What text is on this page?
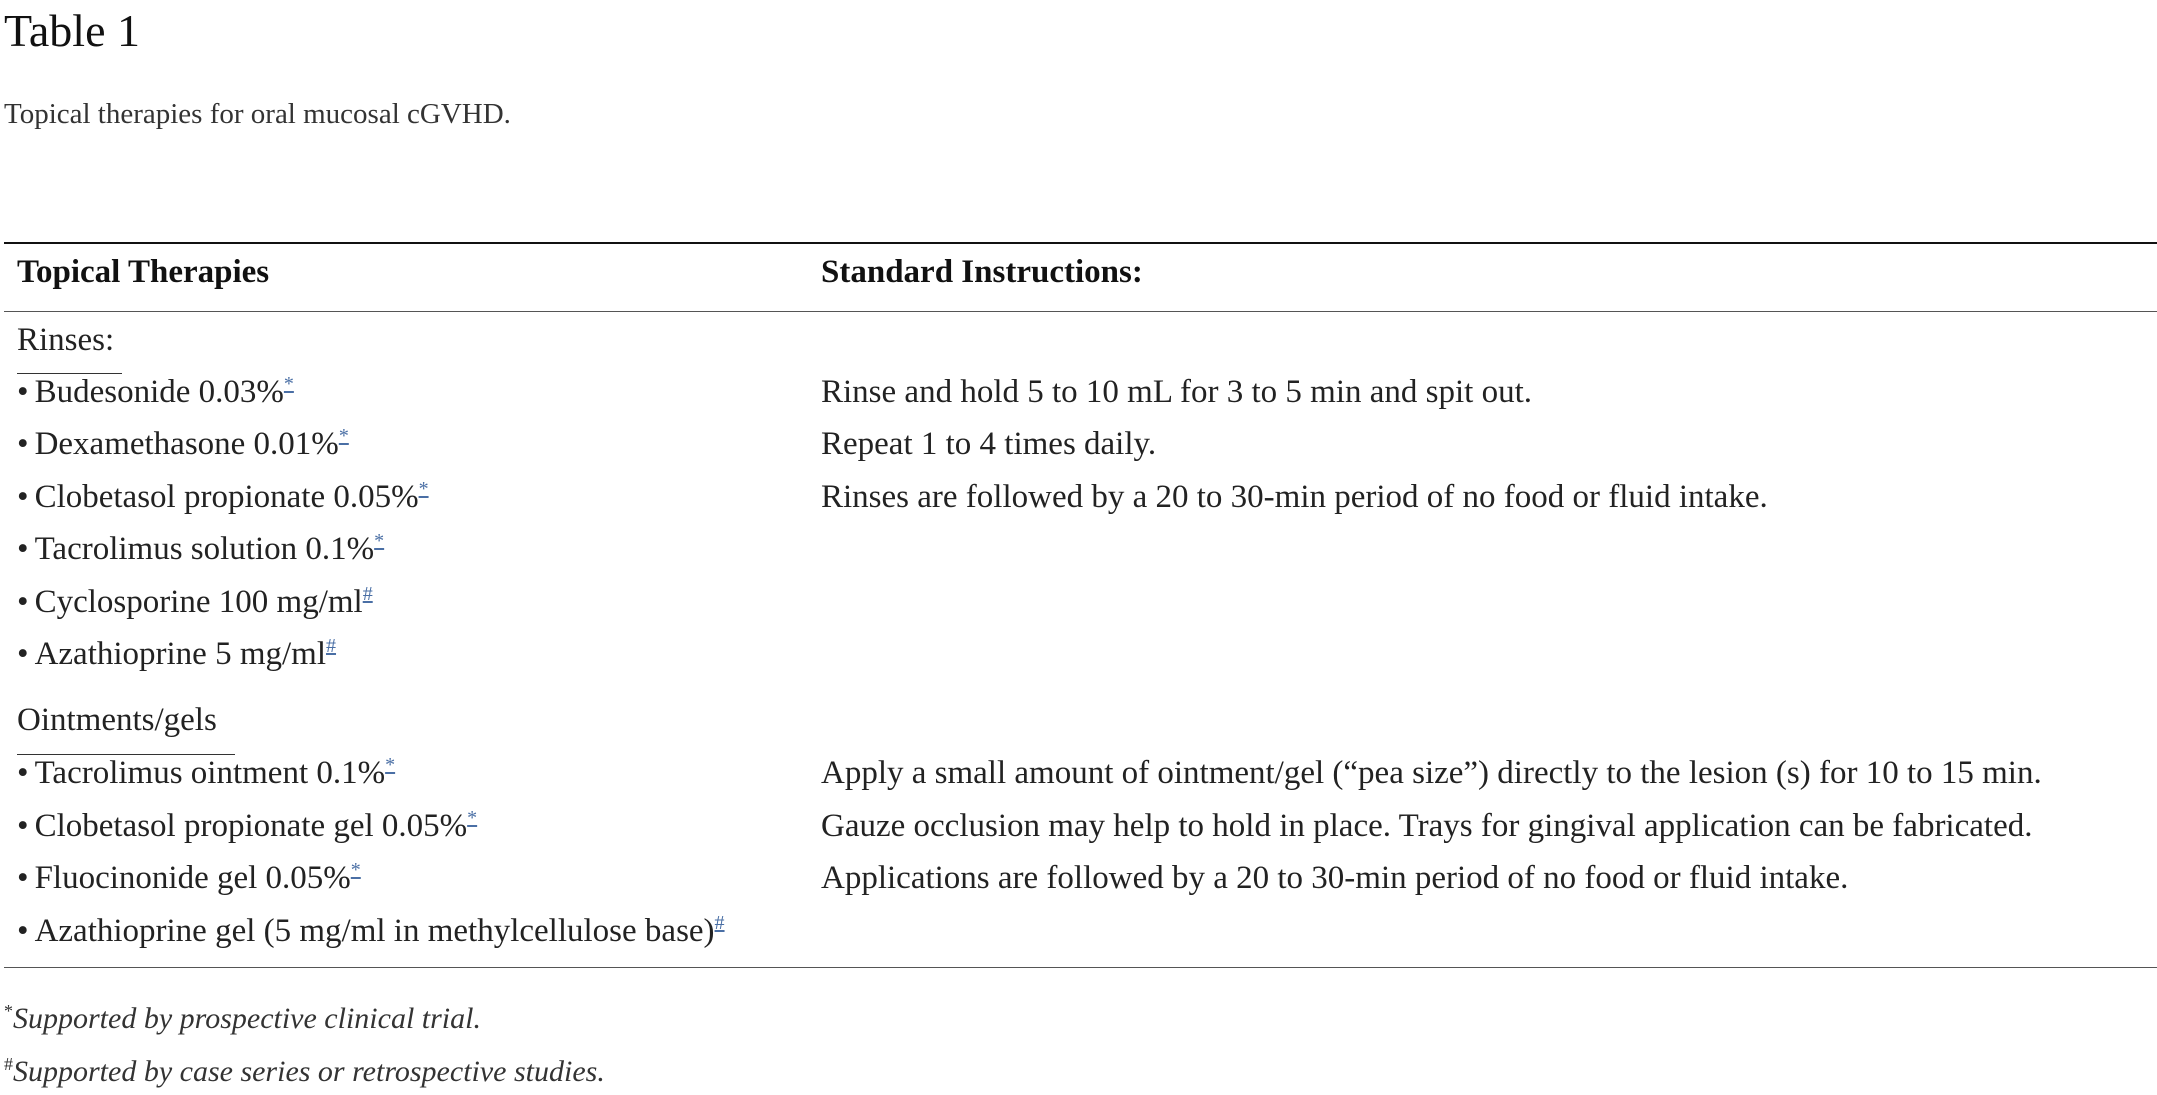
Table 1
Topical therapies for oral mucosal cGVHD.
Topical Therapies	Standard Instructions:
Rinses:
• Budesonide 0.03%*	Rinse and hold 5 to 10 mL for 3 to 5 min and spit out.
• Dexamethasone 0.01%*	Repeat 1 to 4 times daily.
• Clobetasol propionate 0.05%*	Rinses are followed by a 20 to 30-min period of no food or fluid intake.
• Tacrolimus solution 0.1%*
• Cyclosporine 100 mg/ml#
• Azathioprine 5 mg/ml#
Ointments/gels
• Tacrolimus ointment 0.1%*	Apply a small amount of ointment/gel (“pea size”) directly to the lesion (s) for 10 to 15 min.
• Clobetasol propionate gel 0.05%*	Gauze occlusion may help to hold in place. Trays for gingival application can be fabricated.
• Fluocinonide gel 0.05%*	Applications are followed by a 20 to 30-min period of no food or fluid intake.
• Azathioprine gel (5 mg/ml in methylcellulose base)#
*Supported by prospective clinical trial.
#Supported by case series or retrospective studies.
